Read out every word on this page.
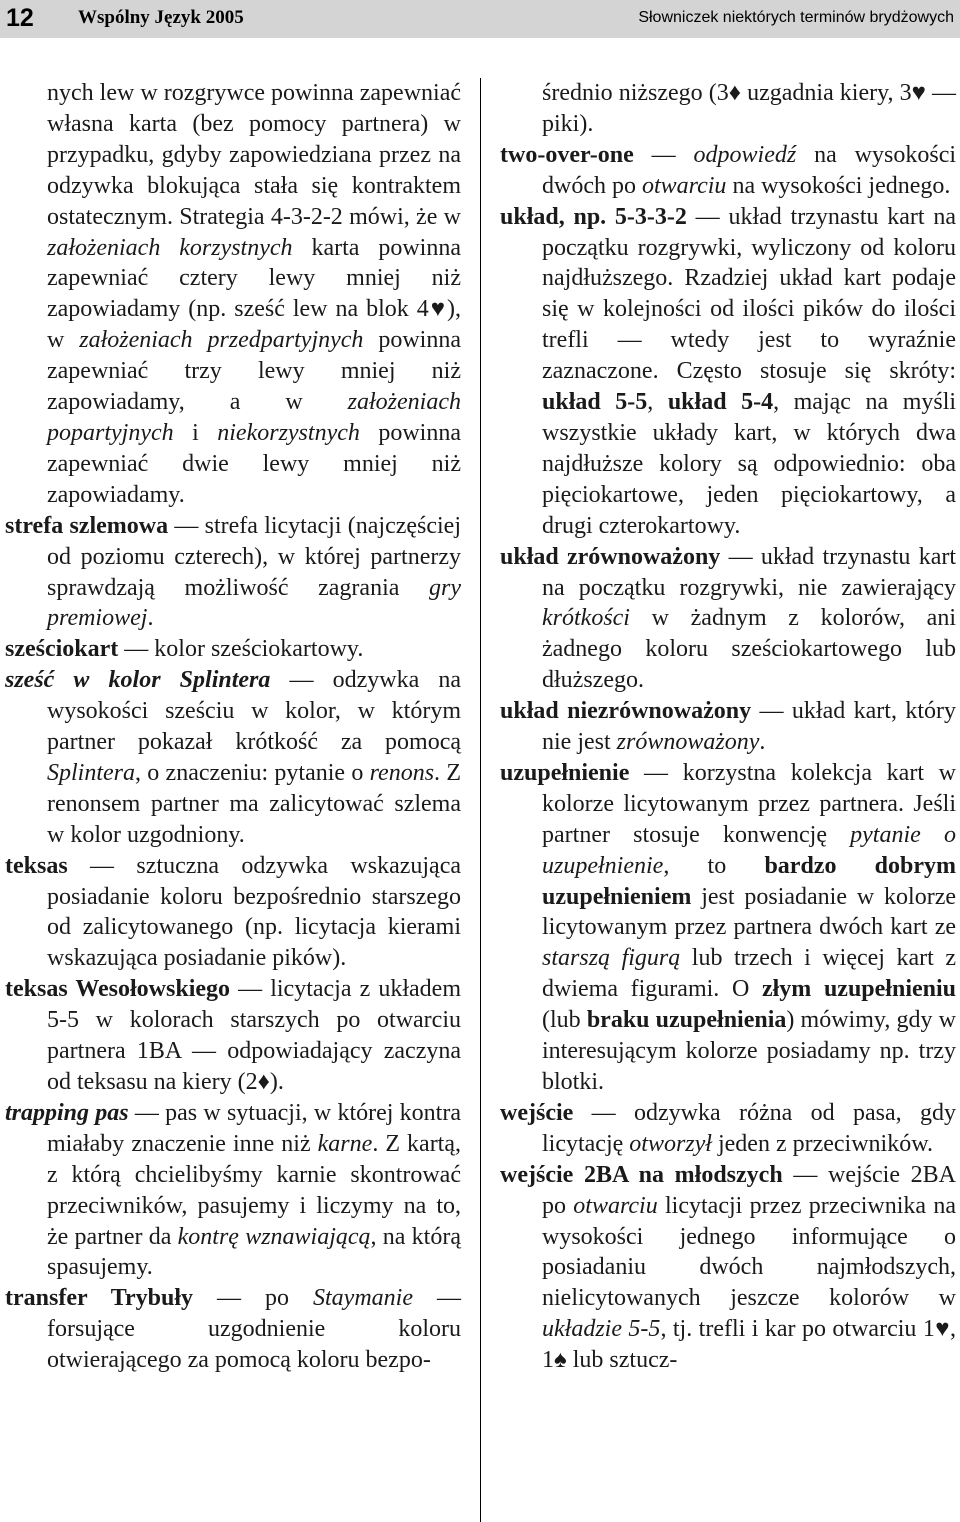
12 Wspólny Język 2005	Słowniczek niektórych terminów brydżowych

nych lew w rozgrywce powinna zapewniać własna karta (bez pomocy partnera) w przypadku, gdyby zapowiedziana przez na odzywka blokująca stała się kontraktem ostatecznym. Strategia 4-3-2-2 mówi, że w założeniach korzystnych karta powinna zapewniać cztery lewy mniej niż zapowiadamy (np. sześć lew na blok 4♥), w założeniach przedpartyjnych powinna zapewniać trzy lewy mniej niż zapowiadamy, a w założeniach popartyjnych i niekorzystnych powinna zapewniać dwie lewy mniej niż zapowiadamy.

strefa szlemowa — strefa licytacji (najczęściej od poziomu czterech), w której partnerzy sprawdzają możliwość zagrania gry premiowej.

sześciokart — kolor sześciokartowy.

sześć w kolor Splintera — odzywka na wysokości sześciu w kolor, w którym partner pokazał krótkość za pomocą Splintera, o znaczeniu: pytanie o renons. Z renonsem partner ma zalicytować szlema w kolor uzgodniony.

teksas — sztuczna odzywka wskazująca posiadanie koloru bezpośrednio starszego od zalicytowanego (np. licytacja kierami wskazująca posiadanie pików).

teksas Wesołowskiego — licytacja z układem 5-5 w kolorach starszych po otwarciu partnera 1BA — odpowiadający zaczyna od teksasu na kiery (2♦).

trapping pas — pas w sytuacji, w której kontra miałaby znaczenie inne niż karne. Z kartą, z którą chcielibyśmy karnie skontrować przeciwników, pasujemy i liczymy na to, że partner da kontrę wznawiającą, na którą spasujemy.

transfer Trybuły — po Staymanie — forsujące uzgodnienie koloru otwierającego za pomocą koloru bezpo-

średnio niższego (3♦ uzgadnia kiery, 3♥ — piki).

two-over-one — odpowiedź na wysokości dwóch po otwarciu na wysokości jednego.

układ, np. 5-3-3-2 — układ trzynastu kart na początku rozgrywki, wyliczony od koloru najdłuższego. Rzadziej układ kart podaje się w kolejności od ilości pików do ilości trefli — wtedy jest to wyraźnie zaznaczone. Często stosuje się skróty: układ 5-5, układ 5-4, mając na myśli wszystkie układy kart, w których dwa najdłuższe kolory są odpowiednio: oba pięciokartowe, jeden pięciokartowy, a drugi czterokartowy.

układ zrównoważony — układ trzynastu kart na początku rozgrywki, nie zawierający krótkości w żadnym z kolorów, ani żadnego koloru sześciokartowego lub dłuższego.

układ niezrównoważony — układ kart, który nie jest zrównoważony.

uzupełnienie — korzystna kolekcja kart w kolorze licytowanym przez partnera. Jeśli partner stosuje konwencję pytanie o uzupełnienie, to bardzo dobrym uzupełnieniem jest posiadanie w kolorze licytowanym przez partnera dwóch kart ze starszą figurą lub trzech i więcej kart z dwiema figurami. O złym uzupełnieniu (lub braku uzupełnienia) mówimy, gdy w interesującym kolorze posiadamy np. trzy blotki.

wejście — odzywka różna od pasa, gdy licytację otworzył jeden z przeciwników.

wejście 2BA na młodszych — wejście 2BA po otwarciu licytacji przez przeciwnika na wysokości jednego informujące o posiadaniu dwóch najmłodszych, nielicytowanych jeszcze kolorów w układzie 5-5, tj. trefli i kar po otwarciu 1♥, 1♠ lub sztucz-
